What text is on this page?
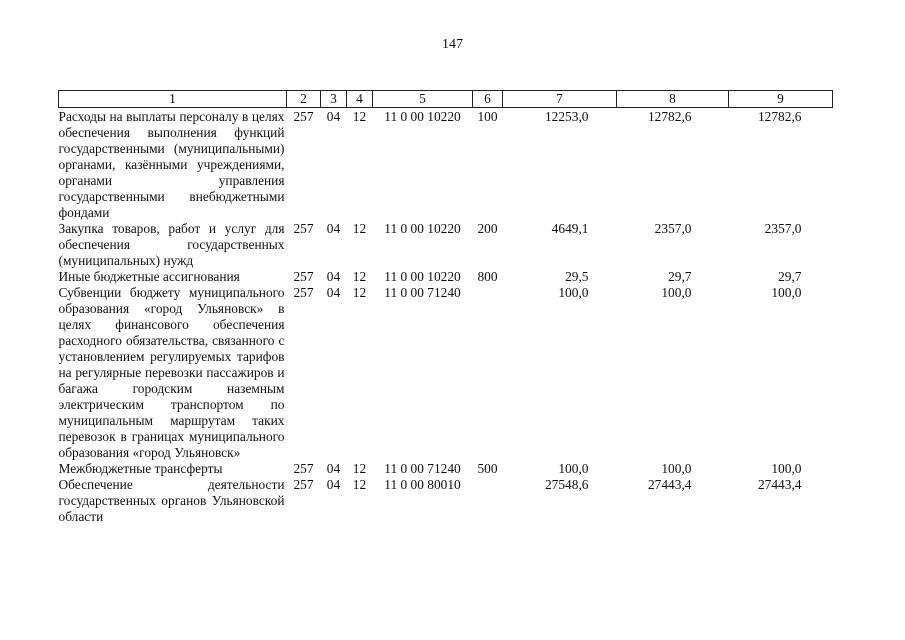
147
1	2	3	4	5	6	7	8	9

Расходы на выплаты персоналу в целях обеспечения выполнения функций государственными (муниципальными) органами, казёнными учреждениями, органами управления государственными внебюджетными фондами	257	04	12	11 0 00 10220	100	12253,0	12782,6	12782,6
Закупка товаров, работ и услуг для обеспечения государственных (муниципальных) нужд	257	04	12	11 0 00 10220	200	4649,1	2357,0	2357,0
Иные бюджетные ассигнования	257	04	12	11 0 00 10220	800	29,5	29,7	29,7
Субвенции бюджету муниципального образования «город Ульяновск» в целях финансового обеспечения расходного обязательства, связанного с установлением регулируемых тарифов на регулярные перевозки пассажиров и багажа городским наземным электрическим транспортом по муниципальным маршрутам таких перевозок в границах муниципального образования «город Ульяновск»	257	04	12	11 0 00 71240		100,0	100,0	100,0
Межбюджетные трансферты	257	04	12	11 0 00 71240	500	100,0	100,0	100,0
Обеспечение деятельности государственных органов Ульяновской области	257	04	12	11 0 00 80010		27548,6	27443,4	27443,4
